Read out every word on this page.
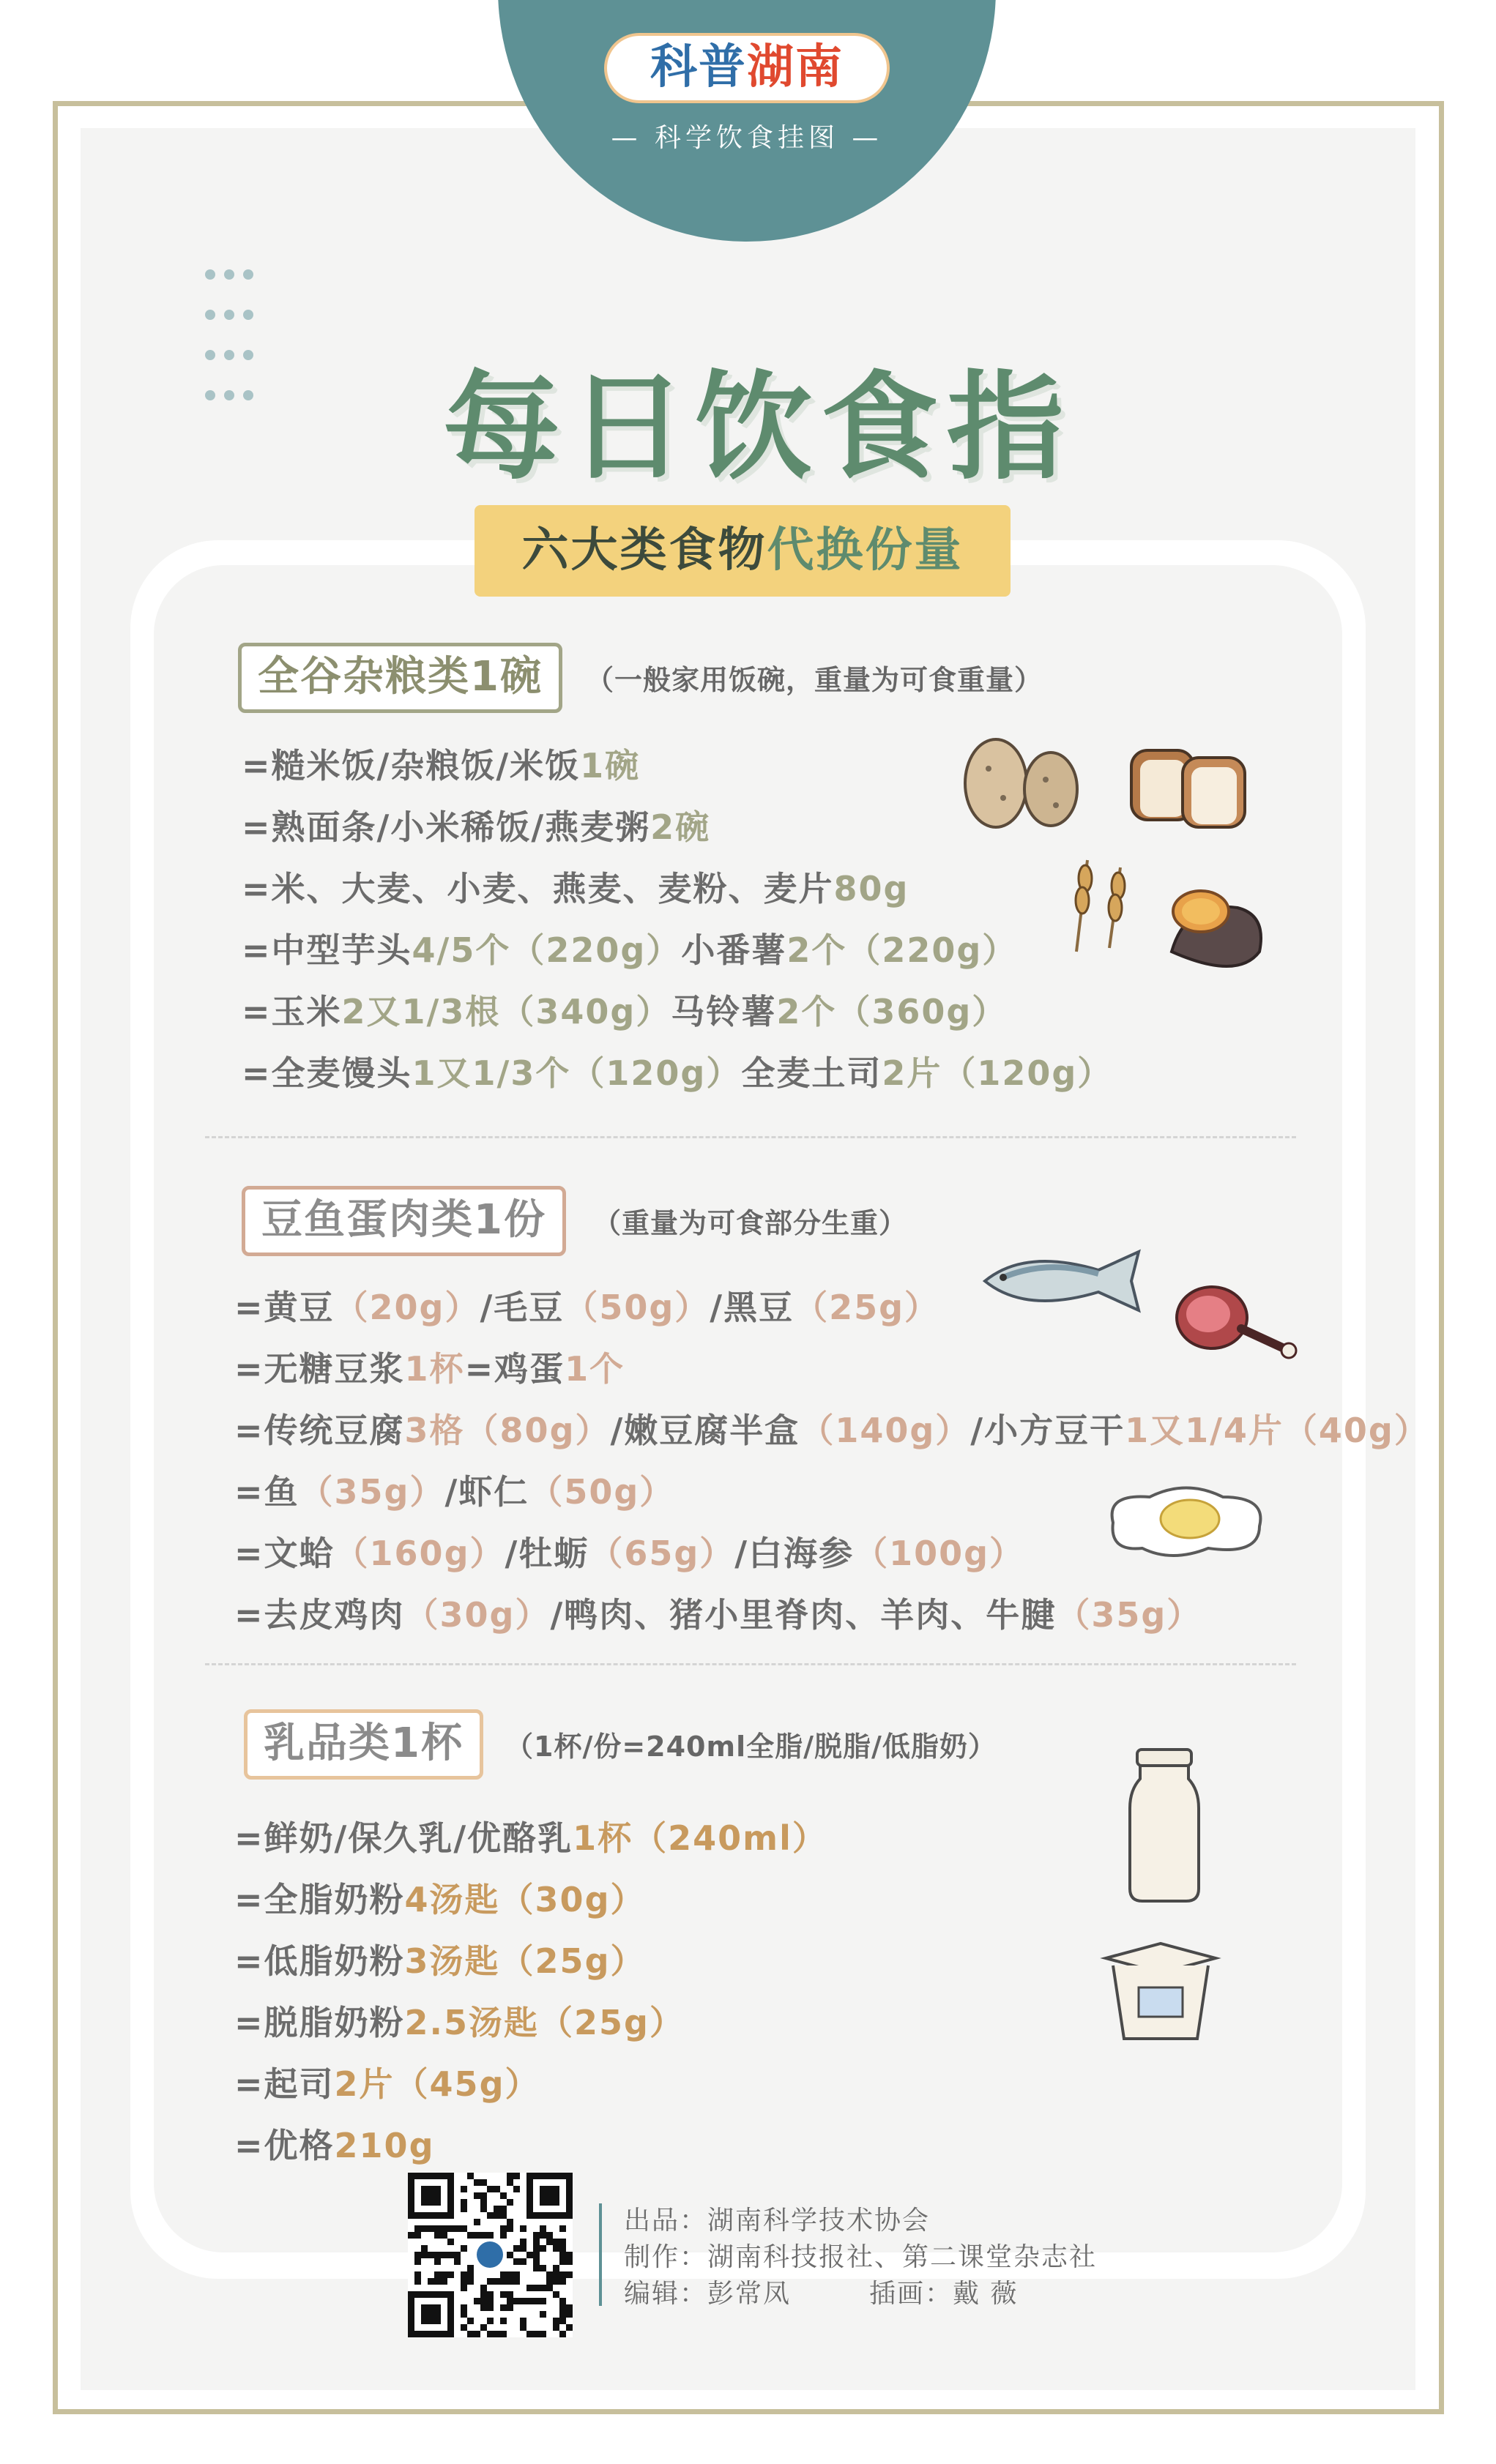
科普湖南
— 科学饮食挂图 —
每日饮食指
六大类食物代换份量
全谷杂粮类1碗	（一般家用饭碗，重量为可食重量）
=糙米饭/杂粮饭/米饭1碗
=熟面条/小米稀饭/燕麦粥2碗
=米、大麦、小麦、燕麦、麦粉、麦片80g
=中型芋头4/5个（220g）小番薯2个（220g）
=玉米2又1/3根（340g）马铃薯2个（360g）
=全麦馒头1又1/3个（120g）全麦土司2片（120g）
豆鱼蛋肉类1份	（重量为可食部分生重）
=黄豆（20g）/毛豆（50g）/黑豆（25g）
=无糖豆浆1杯=鸡蛋1个
=传统豆腐3格（80g）/嫩豆腐半盒（140g）/小方豆干1又1/4片（40g）
=鱼（35g）/虾仁（50g）
=文蛤（160g）/牡蛎（65g）/白海参（100g）
=去皮鸡肉（30g）/鸭肉、猪小里脊肉、羊肉、牛腱（35g）
乳品类1杯	（1杯/份=240ml全脂/脱脂/低脂奶）
=鲜奶/保久乳/优酪乳1杯（240ml）
=全脂奶粉4汤匙（30g）
=低脂奶粉3汤匙（25g）
=脱脂奶粉2.5汤匙（25g）
=起司2片（45g）
=优格210g
出品：湖南科学技术协会
制作：湖南科技报社、第二课堂杂志社
编辑：彭常凤	插画：戴 薇
